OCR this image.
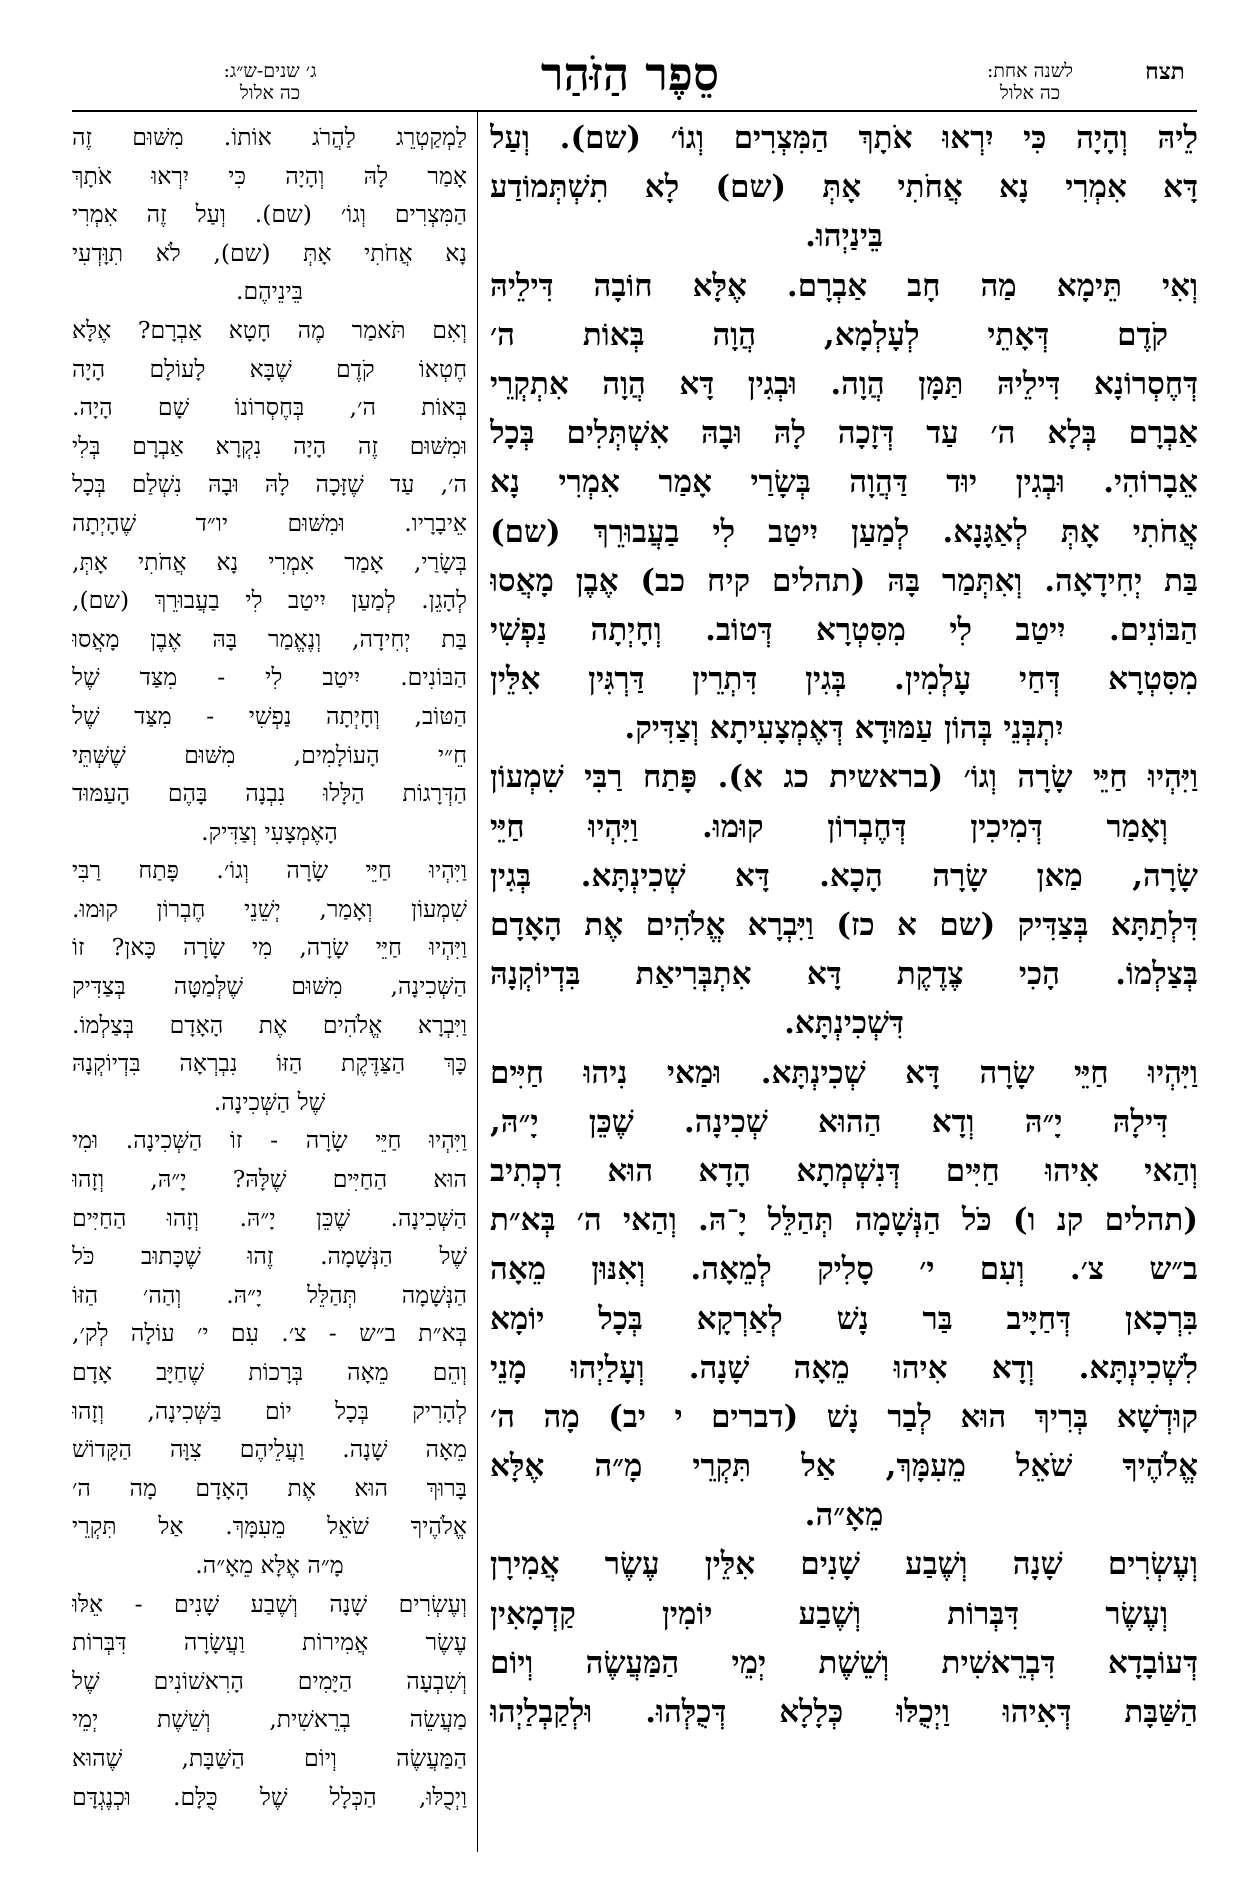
תצח
לשנה אחת:
כה אלול
סֵפֶר הַזֹּהַר
ג׳ שנים-ש״ג:
כה אלול
לֵיהּ וְהָיָה כִּי יִרְאוּ אֹתָךְ הַמִּצְרִים וְגוֹ׳ (שם). וְעַל
דָּא אִמְרִי נָא אֲחֹתִי אָתְּ (שם) לָא תִשְׁתְּמוֹדַע
בֵּינַיְהוּ.
וְאִי תֵּימָא מַה חָב אַבְרָם. אֶלָּא חוֹבָה דִּילֵיהּ
קֹדֶם דְּאָתֵי לְעָלְמָא, הֲוָה בְּאוֹת ה׳
דְּחֶסְרוֹנָא דִּילֵיהּ תַּמָּן הֲוָה. וּבְגִין דָּא הֲוָה אִתְקְרֵי
אַבְרָם בְּלָא ה׳ עַד דְּזָכָה לָהּ וּבָהּ אִשְׁתְּלִים בְּכָל
אֵבָרוֹהִי. וּבְגִין יוּד דַּהֲוָה בְּשָׂרַי אָמַר אִמְרִי נָא
אֲחֹתִי אָתְּ לְאַגָּנָא. לְמַעַן יִיטַב לִי בַעֲבוּרֵךְ (שם)
בַּת יְחִידָאָה. וְאִתְּמַר בָּהּ (תהלים קיח כב) אֶבֶן מָאֲסוּ
הַבּוֹנִים. יִיטַב לִי מִסִּטְרָא דְּטוֹב. וְחָיְתָה נַפְשִׁי
מִסִּטְרָא דְּחַי עָלְמִין. בְּגִין דִּתְרֵין דַּרְגִּין אִלֵּין
יִתְבְּנֵי בְּהוֹן עַמּוּדָא דְּאֶמְצָעִיתָא וְצַדִּיק.
וַיִּהְיוּ חַיֵּי שָׂרָה וְגוֹ׳ (בראשית כג א). פָּתַח רַבִּי שִׁמְעוֹן
וְאָמַר דְּמִיכִין דְּחֶבְרוֹן קוּמוּ. וַיִּהְיוּ חַיֵּי
שָׂרָה, מַאן שָׂרָה הָכָא. דָּא שְׁכִינְתָּא. בְּגִין
דִּלְתַתָּא בְּצַדִּיק (שם א כז) וַיִּבְרָא אֱלֹהִים אֶת הָאָדָם
בְּצַלְמוֹ. הָכִי צֶדֶקֶת דָּא אִתְבְּרִיאַת בִּדְיוֹקְנָהּ
דִּשְׁכִינְתָּא.
וַיִּהְיוּ חַיֵּי שָׂרָה דָּא שְׁכִינְתָּא. וּמַאי נִיהוּ חַיִּים
דִּילָהּ יָ״הּ וְדָא הַהוּא שְׁכִינָה. שֶׁכֵּן יָ״הּ,
וְהַאי אִיהוּ חַיִּים דְּנִשְׁמְתָא הָדָא הוּא דִכְתִיב
(תהלים קנ ו) כֹּל הַנְּשָׁמָה תְּהַלֵּל יָ־הּ. וְהַאי ה׳ בְּא״ת
ב״ש צ׳. וְעִם י׳ סָלִיק לְמֵאָה. וְאִנּוּן מֵאָה
בִּרְכָאן דְּחַיָּיב בַּר נָשׁ לְאַרְקָא בְּכָל יוֹמָא
לִשְׁכִינְתָּא. וְדָא אִיהוּ מֵאָה שָׁנָה. וְעָלַיְהוּ מָנֵי
קוּדְשָׁא בְּרִיךְ הוּא לְבַר נָשׁ (דברים י יב) מָה ה׳
אֱלֹהֶיךָ שֹׁאֵל מֵעִמָּךְ, אַל תִּקְרֵי מָ״ה אֶלָּא
מֵאָ״ה.
וְעֶשְׂרִים שָׁנָה וְשֶׁבַע שָׁנִים אִלֵּין עֶשֶׂר אֲמִירָן
וְעֶשֶׂר דִּבְּרוֹת וְשֶׁבַע יוֹמִין קַדְמָאִין
דְּעוֹבָדָא דִּבְרֵאשִׁית וְשֵׁשֶׁת יְמֵי הַמַּעֲשֶׂה וְיוֹם
הַשַּׁבָּת דְּאִיהוּ וַיְכֻלּוּ כְּלָלָא דְּכֻלְּהוּ. וּלְקַבְלַיְהוּ
לַמְקַטְרֵג לַהֲרֹג אוֹתוֹ. מִשּׁוּם זֶה
אָמַר לָהּ וְהָיָה כִּי יִרְאוּ אֹתָךְ
הַמִּצְרִים וְגוֹ׳ (שם). וְעַל זֶה אִמְרִי
נָא אֲחֹתִי אָתְּ (שם), לֹא תִוָּדְעִי
בֵּינֵיהֶם.
וְאִם תֹּאמַר מֶה חָטָא אַבְרָם? אֶלָּא
חֶטְאוֹ קֹדֶם שֶׁבָּא לָעוֹלָם הָיָה
בְּאוֹת ה׳, בְּחֶסְרוֹנוֹ שָׁם הָיָה.
וּמִשּׁוּם זֶה הָיָה נִקְרָא אַבְרָם בְּלִי
ה׳, עַד שֶׁזָּכָה לָהּ וּבָהּ נִשְׁלַם בְּכָל
אֵיבָרָיו. וּמִשּׁוּם יו״ד שֶׁהָיְתָה
בְּשָׂרַי, אָמַר אִמְרִי נָא אֲחֹתִי אָתְּ,
לְהָגֵן. לְמַעַן יִיטַב לִי בַעֲבוּרֵךְ (שם),
בַּת יְחִידָה, וְנֶאֱמַר בָּהּ אֶבֶן מָאֲסוּ
הַבּוֹנִים. יִיטַב לִי - מִצַּד שֶׁל
הַטּוֹב, וְחָיְתָה נַפְשִׁי - מִצַּד שֶׁל
חֵ״י הָעוֹלָמִים, מִשּׁוּם שֶׁשְּׁתֵּי
הַדְּרָגוֹת הַלָּלוּ נִבְנָה בָּהֶם הָעַמּוּד
הָאֶמְצָעִי וְצַדִּיק.
וַיִּהְיוּ חַיֵּי שָׂרָה וְגוֹ׳. פָּתַח רַבִּי
שִׁמְעוֹן וְאָמַר, יְשֵׁנֵי חֶבְרוֹן קוּמוּ.
וַיִּהְיוּ חַיֵּי שָׂרָה, מִי שָׂרָה כָּאן? זוֹ
הַשְּׁכִינָה, מִשּׁוּם שֶׁלְּמַטָּה בְּצַדִּיק
וַיִּבְרָא אֱלֹהִים אֶת הָאָדָם בְּצַלְמוֹ.
כָּךְ הַצַּדֶּקֶת הַזּוֹ נִבְרְאָה בִּדְיוֹקְנָהּ
שֶׁל הַשְּׁכִינָה.
וַיִּהְיוּ חַיֵּי שָׂרָה - זוֹ הַשְּׁכִינָה. וּמִי
הוּא הַחַיִּים שֶׁלָּהּ? יָ״הּ, וְזָהוּ
הַשְּׁכִינָה. שֶׁכֵּן יָ״הּ. וְזָהוּ הַחַיִּים
שֶׁל הַנְּשָׁמָה. זֶהוּ שֶׁכָּתוּב כֹּל
הַנְּשָׁמָה תְּהַלֵּל יָ״הּ. וְהַה׳ הַזּוֹ
בְּא״ת ב״ש - צ׳. עִם י׳ עוֹלָה לְק׳,
וְהֵם מֵאָה בְּרָכוֹת שֶׁחַיָּב אָדָם
לְהָרִיק בְּכָל יוֹם בַּשְּׁכִינָה, וְזָהוּ
מֵאָה שָׁנָה. וַעֲלֵיהֶם צִוָּה הַקָּדוֹשׁ
בָּרוּךְ הוּא אֶת הָאָדָם מָה ה׳
אֱלֹהֶיךָ שֹׁאֵל מֵעִמָּךְ. אַל תִּקְרֵי
מָ״ה אֶלָּא מֵאָ״ה.
וְעֶשְׂרִים שָׁנָה וְשֶׁבַע שָׁנִים - אֵלּוּ
עֶשֶׂר אֲמִירוֹת וַעֲשָׂרָה דִּבְּרוֹת
וְשִׁבְעָה הַיָּמִים הָרִאשׁוֹנִים שֶׁל
מַעֲשֵׂה בְרֵאשִׁית, וְשֵׁשֶׁת יְמֵי
הַמַּעֲשֶׂה וְיוֹם הַשַּׁבָּת, שֶׁהוּא
וַיְכֻלּוּ, הַכְּלָל שֶׁל כֻּלָּם. וּכְנֶגְדָּם
